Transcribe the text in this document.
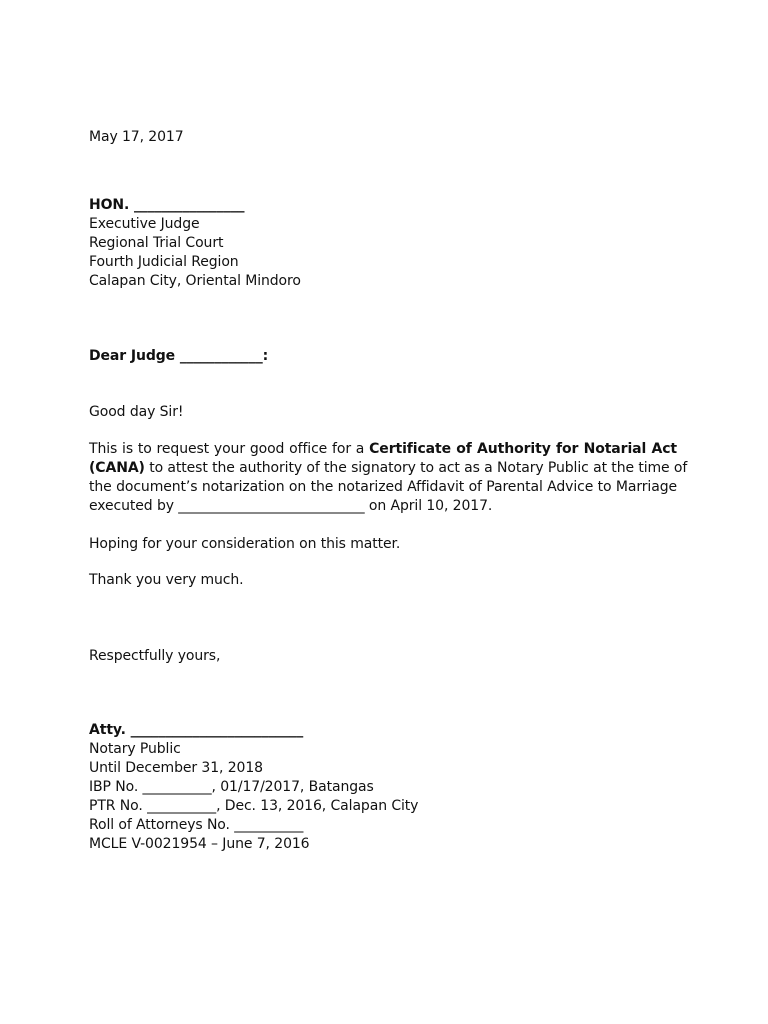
May 17, 2017
HON. ________________
Executive Judge
Regional Trial Court
Fourth Judicial Region
Calapan City, Oriental Mindoro
Dear Judge ____________:
Good day Sir!
This is to request your good office for a Certificate of Authority for Notarial Act
(CANA) to attest the authority of the signatory to act as a Notary Public at the time of
the document’s notarization on the notarized Affidavit of Parental Advice to Marriage
executed by ___________________________ on April 10, 2017.
Hoping for your consideration on this matter.
Thank you very much.
Respectfully yours,
Atty. _________________________
Notary Public
Until December 31, 2018
IBP No. __________, 01/17/2017, Batangas
PTR No. __________, Dec. 13, 2016, Calapan City
Roll of Attorneys No. __________
MCLE V-0021954 – June 7, 2016
